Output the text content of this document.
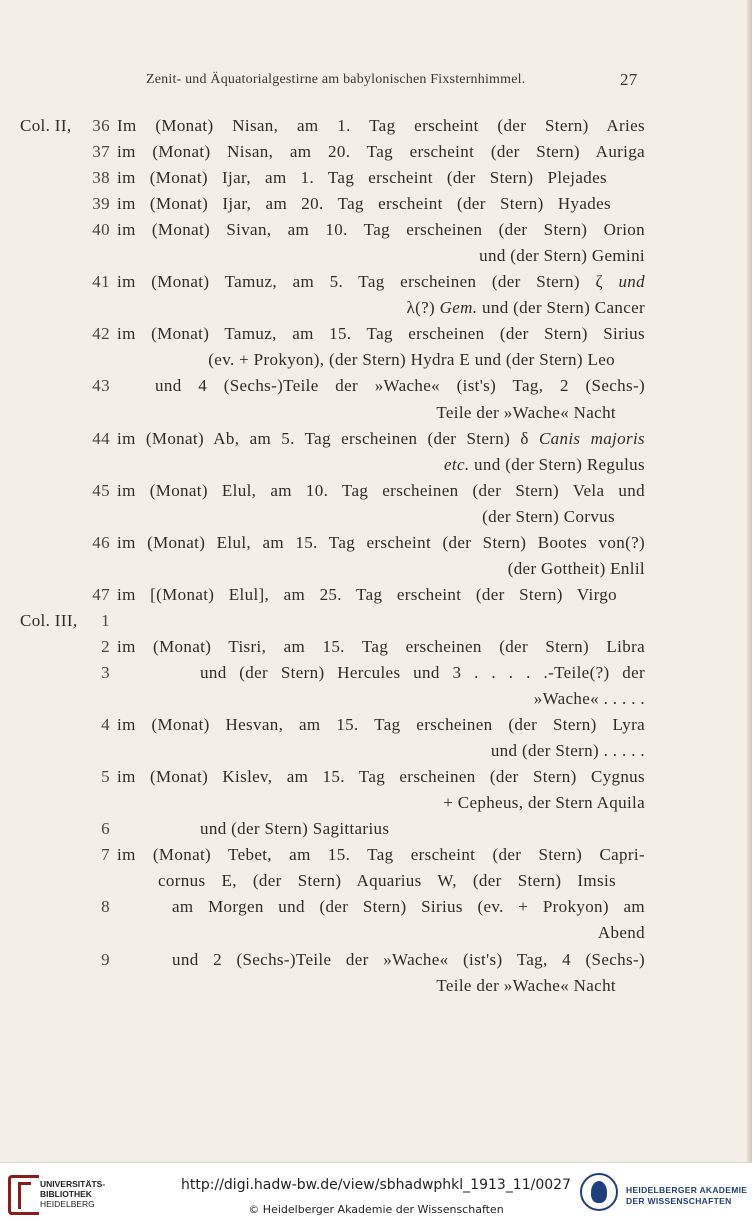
Zenit- und Äquatorialgestirne am babylonischen Fixsternhimmel.	27
Col. II, 36 Im (Monat) Nisan, am 1. Tag erscheint (der Stern) Aries
37 im (Monat) Nisan, am 20. Tag erscheint (der Stern) Auriga
38 im (Monat) Ijar, am 1. Tag erscheint (der Stern) Plejades
39 im (Monat) Ijar, am 20. Tag erscheint (der Stern) Hyades
40 im (Monat) Sivan, am 10. Tag erscheinen (der Stern) Orion
und (der Stern) Gemini
41 im (Monat) Tamuz, am 5. Tag erscheinen (der Stern) ζ und
λ(?) Gem. und (der Stern) Cancer
42 im (Monat) Tamuz, am 15. Tag erscheinen (der Stern) Sirius
(ev. + Prokyon), (der Stern) Hydra E und (der Stern) Leo
43	und 4 (Sechs-)Teile der »Wache« (ist's) Tag, 2 (Sechs-)
Teile der »Wache« Nacht
44 im (Monat) Ab, am 5. Tag erscheinen (der Stern) δ Canis majoris
etc. und (der Stern) Regulus
45 im (Monat) Elul, am 10. Tag erscheinen (der Stern) Vela und
(der Stern) Corvus
46 im (Monat) Elul, am 15. Tag erscheint (der Stern) Bootes von(?)
(der Gottheit) Enlil
47 im [(Monat) Elul], am 25. Tag erscheint (der Stern) Virgo
Col. III,	1
2 im (Monat) Tisri, am 15. Tag erscheinen (der Stern) Libra
3	und (der Stern) Hercules und 3 . . . . .-Teile(?) der
»Wache« . . . . .
4 im (Monat) Hesvan, am 15. Tag erscheinen (der Stern) Lyra
und (der Stern) . . . . .
5 im (Monat) Kislev, am 15. Tag erscheinen (der Stern) Cygnus
+ Cepheus, der Stern Aquila
6	und (der Stern) Sagittarius
7 im (Monat) Tebet, am 15. Tag erscheint (der Stern) Capri-
cornus E, (der Stern) Aquarius W, (der Stern) Imsis
8	am Morgen und (der Stern) Sirius (ev. + Prokyon) am
Abend
9	und 2 (Sechs-)Teile der »Wache« (ist's) Tag, 4 (Sechs-)
Teile der »Wache« Nacht
UNIVERSITÄTS-
BIBLIOTHEK
HEIDELBERG
http://digi.hadw-bw.de/view/sbhadwphkl_1913_11/0027
© Heidelberger Akademie der Wissenschaften
HEIDELBERGER AKADEMIE
DER WISSENSCHAFTEN
